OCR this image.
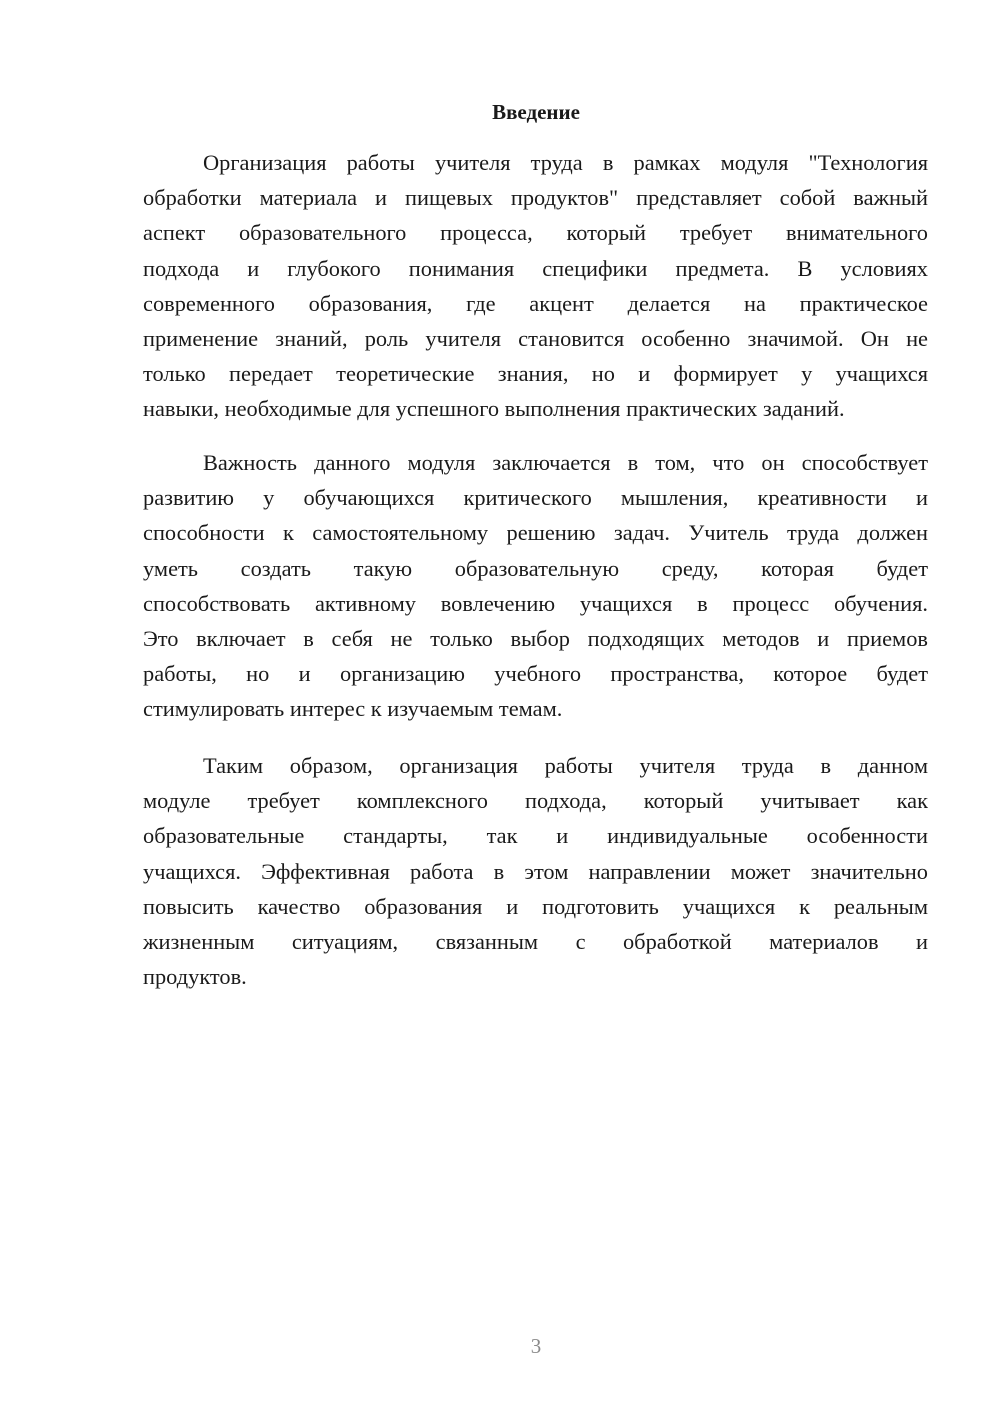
Введение
Организация работы учителя труда в рамках модуля "Технология
обработки материала и пищевых продуктов" представляет собой важный
аспект образовательного процесса, который требует внимательного
подхода и глубокого понимания специфики предмета. В условиях
современного образования, где акцент делается на практическое
применение знаний, роль учителя становится особенно значимой. Он не
только передает теоретические знания, но и формирует у учащихся
навыки, необходимые для успешного выполнения практических заданий.
Важность данного модуля заключается в том, что он способствует
развитию у обучающихся критического мышления, креативности и
способности к самостоятельному решению задач. Учитель труда должен
уметь создать такую образовательную среду, которая будет
способствовать активному вовлечению учащихся в процесс обучения.
Это включает в себя не только выбор подходящих методов и приемов
работы, но и организацию учебного пространства, которое будет
стимулировать интерес к изучаемым темам.
Таким образом, организация работы учителя труда в данном
модуле требует комплексного подхода, который учитывает как
образовательные стандарты, так и индивидуальные особенности
учащихся. Эффективная работа в этом направлении может значительно
повысить качество образования и подготовить учащихся к реальным
жизненным ситуациям, связанным с обработкой материалов и
продуктов.
3
